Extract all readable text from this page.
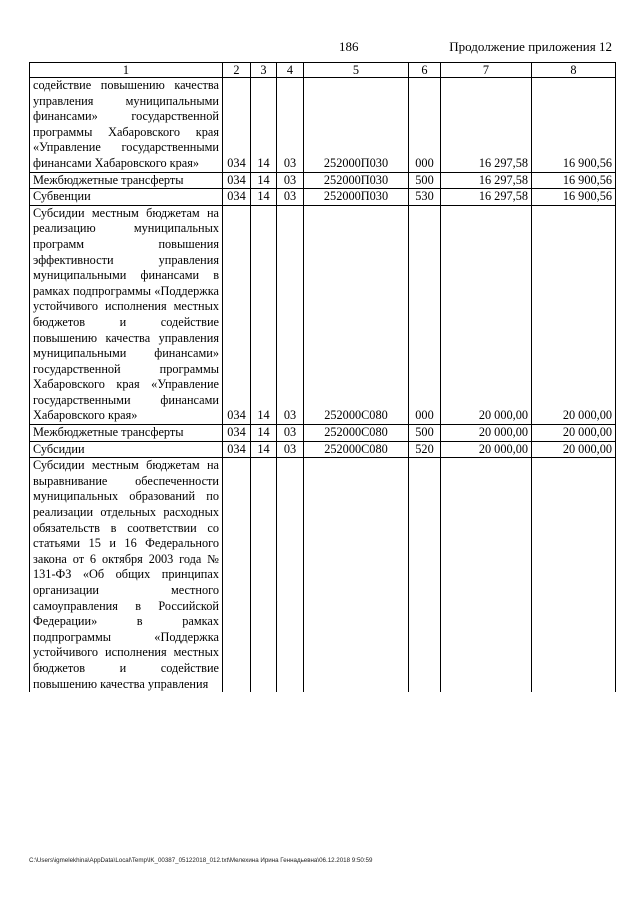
186	Продолжение приложения 12
1	2	3	4	5	6	7	8
содействие повышению качества управления муниципальными финансами» государственной программы Хабаровского края «Управление государственными финансами Хабаровского края»	034	14	03	252000П030	000	16 297,58	16 900,56
Межбюджетные трансферты	034	14	03	252000П030	500	16 297,58	16 900,56
Субвенции	034	14	03	252000П030	530	16 297,58	16 900,56
Субсидии местным бюджетам на реализацию муниципальных программ повышения эффективности управления муниципальными финансами в рамках подпрограммы «Поддержка устойчивого исполнения местных бюджетов и содействие повышению качества управления муниципальными финансами» государственной программы Хабаровского края «Управление государственными финансами Хабаровского края»	034	14	03	252000С080	000	20 000,00	20 000,00
Межбюджетные трансферты	034	14	03	252000С080	500	20 000,00	20 000,00
Субсидии	034	14	03	252000С080	520	20 000,00	20 000,00
Субсидии местным бюджетам на выравнивание обеспеченности муниципальных образований по реализации отдельных расходных обязательств в соответствии со статьями 15 и 16 Федерального закона от 6 октября 2003 года № 131-ФЗ «Об общих принципах организации местного самоуправления в Российской Федерации» в рамках подпрограммы «Поддержка устойчивого исполнения местных бюджетов и содействие повышению качества управления							
C:\Users\igmelekhina\AppData\Local\Temp\IK_00387_05122018_012.txt\Мелехина Ирина Геннадьевна\06.12.2018 9:50:59
